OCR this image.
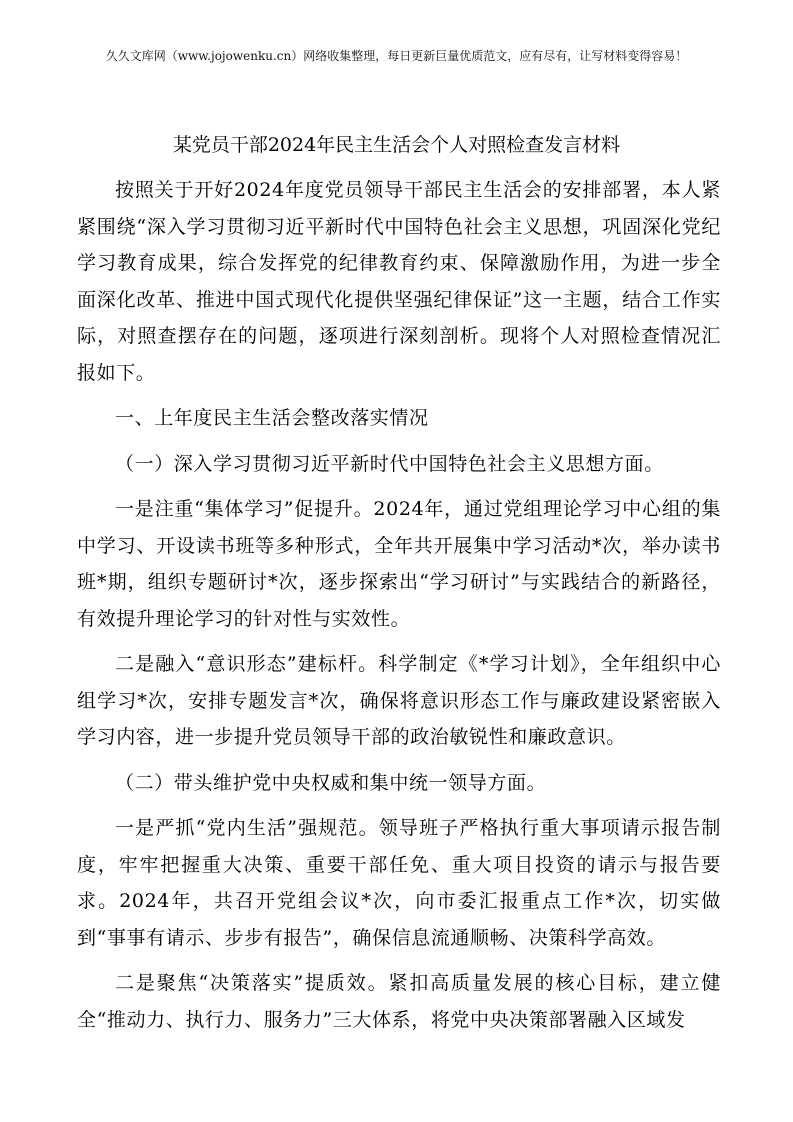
久久文库网（www.jojowenku.cn）网络收集整理，每日更新巨量优质范文，应有尽有，让写材料变得容易！
某党员干部2024年民主生活会个人对照检查发言材料

按照关于开好2024年度党员领导干部民主生活会的安排部署，本人紧紧围绕“深入学习贯彻习近平新时代中国特色社会主义思想，巩固深化党纪学习教育成果，综合发挥党的纪律教育约束、保障激励作用，为进一步全面深化改革、推进中国式现代化提供坚强纪律保证”这一主题，结合工作实际，对照查摆存在的问题，逐项进行深刻剖析。现将个人对照检查情况汇报如下。

一、上年度民主生活会整改落实情况

（一）深入学习贯彻习近平新时代中国特色社会主义思想方面。

一是注重“集体学习”促提升。2024年，通过党组理论学习中心组的集中学习、开设读书班等多种形式，全年共开展集中学习活动*次，举办读书班*期，组织专题研讨*次，逐步探索出“学习研讨”与实践结合的新路径，有效提升理论学习的针对性与实效性。

二是融入“意识形态”建标杆。科学制定《*学习计划》，全年组织中心组学习*次，安排专题发言*次，确保将意识形态工作与廉政建设紧密嵌入学习内容，进一步提升党员领导干部的政治敏锐性和廉政意识。

（二）带头维护党中央权威和集中统一领导方面。

一是严抓“党内生活”强规范。领导班子严格执行重大事项请示报告制度，牢牢把握重大决策、重要干部任免、重大项目投资的请示与报告要求。2024年，共召开党组会议*次，向市委汇报重点工作*次，切实做到“事事有请示、步步有报告”，确保信息流通顺畅、决策科学高效。

二是聚焦“决策落实”提质效。紧扣高质量发展的核心目标，建立健全“推动力、执行力、服务力”三大体系，将党中央决策部署融入区域发
